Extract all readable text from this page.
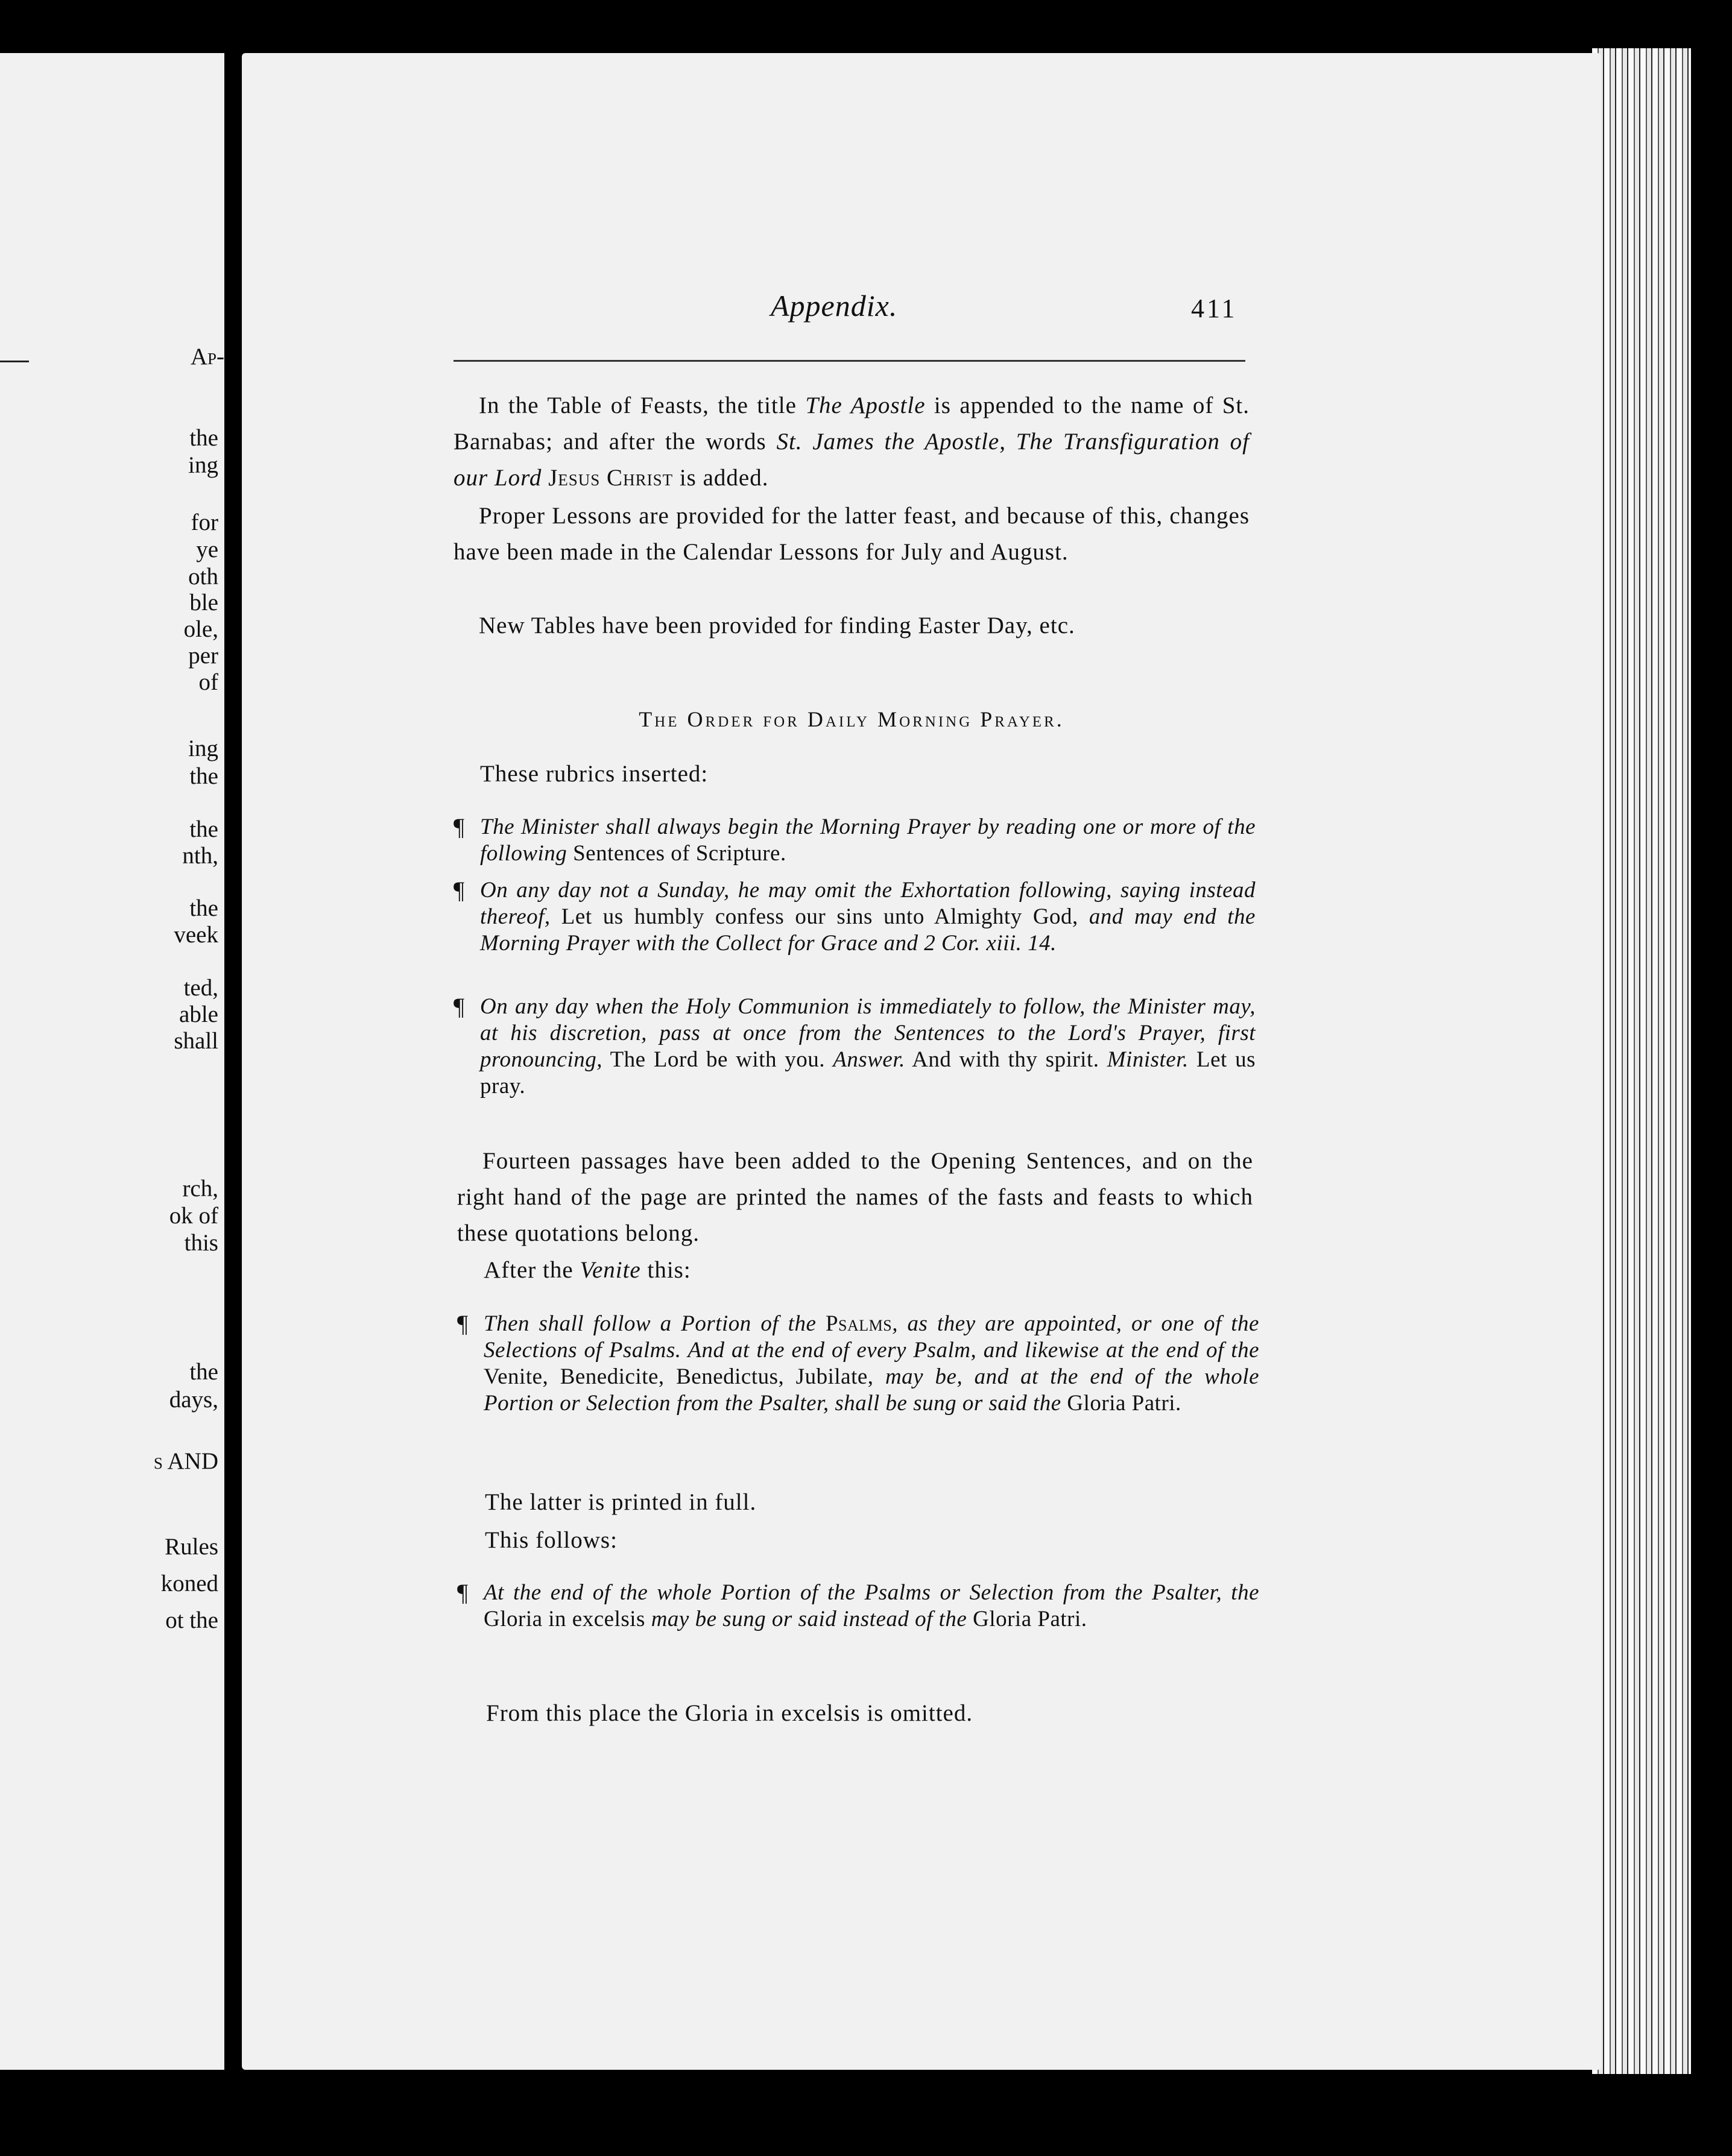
Ap-
the
ing
for
ye
oth
ble
ole,
per
of
ing
the
the
nth,
the
veek
ted,
able
shall
rch,
ok of
this
the
days,
s AND
Rules
koned
ot the
Appendix.	411
In the Table of Feasts, the title The Apostle is appended to the name of St. Barnabas; and after the words St. James the Apostle, The Transfiguration of our Lord Jesus Christ is added.
Proper Lessons are provided for the latter feast, and because of this, changes have been made in the Calendar Lessons for July and August.
New Tables have been provided for finding Easter Day, etc.
The Order for Daily Morning Prayer.
These rubrics inserted:
¶ The Minister shall always begin the Morning Prayer by reading one or more of the following Sentences of Scripture.
¶ On any day not a Sunday, he may omit the Exhortation following, saying instead thereof, Let us humbly confess our sins unto Almighty God, and may end the Morning Prayer with the Collect for Grace and 2 Cor. xiii. 14.
¶ On any day when the Holy Communion is immediately to follow, the Minister may, at his discretion, pass at once from the Sentences to the Lord's Prayer, first pronouncing, The Lord be with you. Answer. And with thy spirit. Minister. Let us pray.
Fourteen passages have been added to the Opening Sentences, and on the right hand of the page are printed the names of the fasts and feasts to which these quotations belong.
After the Venite this:
¶ Then shall follow a Portion of the Psalms, as they are appointed, or one of the Selections of Psalms. And at the end of every Psalm, and likewise at the end of the Venite, Benedicite, Benedictus, Jubilate, may be, and at the end of the whole Portion or Selection from the Psalter, shall be sung or said the Gloria Patri.
The latter is printed in full.
This follows:
¶ At the end of the whole Portion of the Psalms or Selection from the Psalter, the Gloria in excelsis may be sung or said instead of the Gloria Patri.
From this place the Gloria in excelsis is omitted.
